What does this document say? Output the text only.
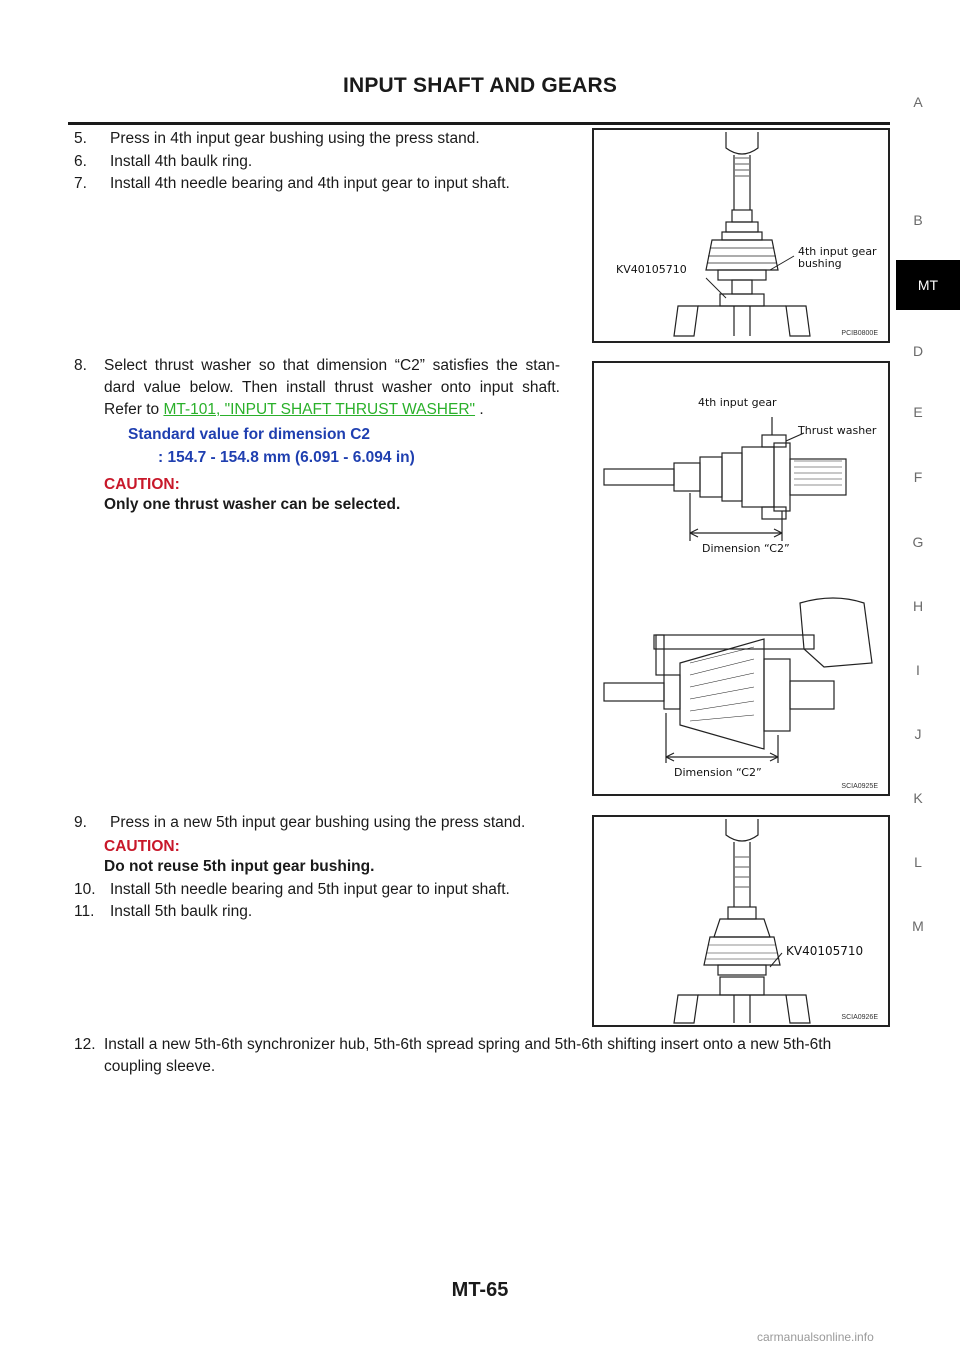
INPUT SHAFT AND GEARS
A
B
MT
D
E
F
G
H
I
J
K
L
M
5. Press in 4th input gear bushing using the press stand.
6. Install 4th baulk ring.
7. Install 4th needle bearing and 4th input gear to input shaft.
8. Select thrust washer so that dimension “C2” satisfies the stan-
dard value below. Then install thrust washer onto input shaft.
Refer to MT-101, "INPUT SHAFT THRUST WASHER" .
Standard value for dimension C2
: 154.7 - 154.8 mm (6.091 - 6.094 in)
CAUTION:
Only one thrust washer can be selected.
9. Press in a new 5th input gear bushing using the press stand.
CAUTION:
Do not reuse 5th input gear bushing.
10. Install 5th needle bearing and 5th input gear to input shaft.
11. Install 5th baulk ring.
12. Install a new 5th-6th synchronizer hub, 5th-6th spread spring and 5th-6th shifting insert onto a new 5th-6th
coupling sleeve.
KV40105710
4th input gear
bushing
PCIB0800E
4th input gear
Thrust washer
Dimension “C2”
Dimension “C2”
SCIA0925E
KV40105710
SCIA0926E
MT-65
carmanualsonline.info
